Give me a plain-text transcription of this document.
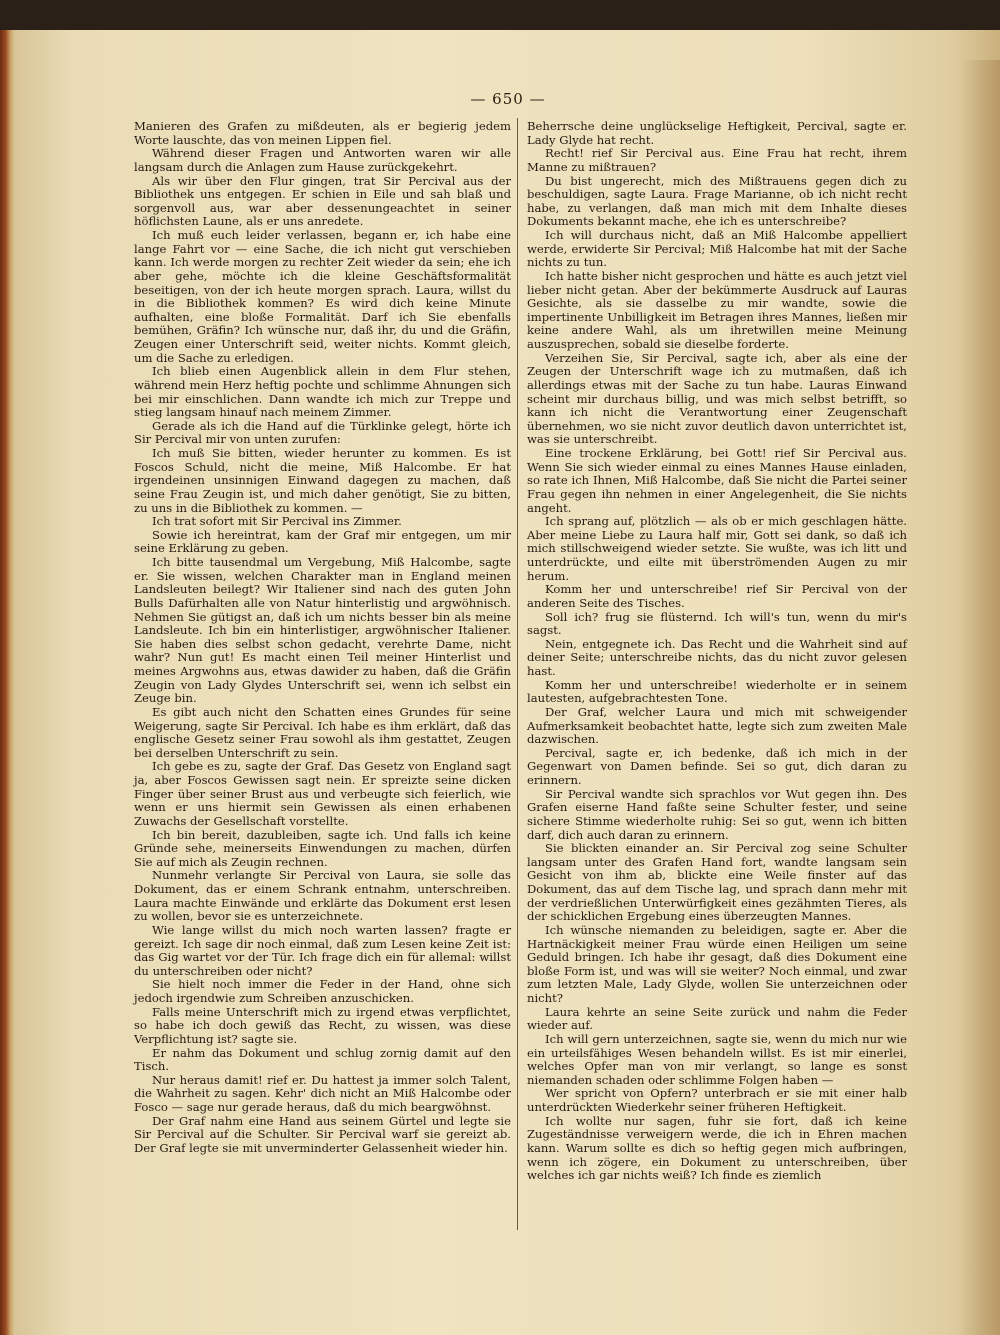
— 650 —

Manieren des Grafen zu mißdeuten, als er begierig jedem Worte lauschte, das von meinen Lippen fiel.

Während dieser Fragen und Antworten waren wir alle langsam durch die Anlagen zum Hause zurückgekehrt.

Als wir über den Flur gingen, trat Sir Percival aus der Bibliothek uns entgegen. Er schien in Eile und sah blaß und sorgenvoll aus, war aber dessenungeachtet in seiner höflichsten Laune, als er uns anredete.

Ich muß euch leider verlassen, begann er, ich habe eine lange Fahrt vor — eine Sache, die ich nicht gut verschieben kann. Ich werde morgen zu rechter Zeit wieder da sein; ehe ich aber gehe, möchte ich die kleine Geschäftsformalität beseitigen, von der ich heute morgen sprach. Laura, willst du in die Bibliothek kommen? Es wird dich keine Minute aufhalten, eine bloße Formalität. Darf ich Sie ebenfalls bemühen, Gräfin? Ich wünsche nur, daß ihr, du und die Gräfin, Zeugen einer Unterschrift seid, weiter nichts. Kommt gleich, um die Sache zu erledigen.

Ich blieb einen Augenblick allein in dem Flur stehen, während mein Herz heftig pochte und schlimme Ahnungen sich bei mir einschlichen. Dann wandte ich mich zur Treppe und stieg langsam hinauf nach meinem Zimmer.

Gerade als ich die Hand auf die Türklinke gelegt, hörte ich Sir Percival mir von unten zurufen:

Ich muß Sie bitten, wieder herunter zu kommen. Es ist Foscos Schuld, nicht die meine, Miß Halcombe. Er hat irgendeinen unsinnigen Einwand dagegen zu machen, daß seine Frau Zeugin ist, und mich daher genötigt, Sie zu bitten, zu uns in die Bibliothek zu kommen. —

Ich trat sofort mit Sir Percival ins Zimmer.

Sowie ich hereintrat, kam der Graf mir entgegen, um mir seine Erklärung zu geben.

Ich bitte tausendmal um Vergebung, Miß Halcombe, sagte er. Sie wissen, welchen Charakter man in England meinen Landsleuten beilegt? Wir Italiener sind nach des guten John Bulls Dafürhalten alle von Natur hinterlistig und argwöhnisch. Nehmen Sie gütigst an, daß ich um nichts besser bin als meine Landsleute. Ich bin ein hinterlistiger, argwöhnischer Italiener. Sie haben dies selbst schon gedacht, verehrte Dame, nicht wahr? Nun gut! Es macht einen Teil meiner Hinterlist und meines Argwohns aus, etwas dawider zu haben, daß die Gräfin Zeugin von Lady Glydes Unterschrift sei, wenn ich selbst ein Zeuge bin.

Es gibt auch nicht den Schatten eines Grundes für seine Weigerung, sagte Sir Percival. Ich habe es ihm erklärt, daß das englische Gesetz seiner Frau sowohl als ihm gestattet, Zeugen bei derselben Unterschrift zu sein.

Ich gebe es zu, sagte der Graf. Das Gesetz von England sagt ja, aber Foscos Gewissen sagt nein. Er spreizte seine dicken Finger über seiner Brust aus und verbeugte sich feierlich, wie wenn er uns hiermit sein Gewissen als einen erhabenen Zuwachs der Gesellschaft vorstellte.

Ich bin bereit, dazubleiben, sagte ich. Und falls ich keine Gründe sehe, meinerseits Einwendungen zu machen, dürfen Sie auf mich als Zeugin rechnen.

Nunmehr verlangte Sir Percival von Laura, sie solle das Dokument, das er einem Schrank entnahm, unterschreiben. Laura machte Einwände und erklärte das Dokument erst lesen zu wollen, bevor sie es unterzeichnete.

Wie lange willst du mich noch warten lassen? fragte er gereizt. Ich sage dir noch einmal, daß zum Lesen keine Zeit ist: das Gig wartet vor der Tür. Ich frage dich ein für allemal: willst du unterschreiben oder nicht?

Sie hielt noch immer die Feder in der Hand, ohne sich jedoch irgendwie zum Schreiben anzuschicken.

Falls meine Unterschrift mich zu irgend etwas verpflichtet, so habe ich doch gewiß das Recht, zu wissen, was diese Verpflichtung ist? sagte sie.

Er nahm das Dokument und schlug zornig damit auf den Tisch.

Nur heraus damit! rief er. Du hattest ja immer solch Talent, die Wahrheit zu sagen. Kehr' dich nicht an Miß Halcombe oder Fosco — sage nur gerade heraus, daß du mich beargwöhnst.

Der Graf nahm eine Hand aus seinem Gürtel und legte sie Sir Percival auf die Schulter. Sir Percival warf sie gereizt ab. Der Graf legte sie mit unverminderter Gelassenheit wieder hin.

Beherrsche deine unglückselige Heftigkeit, Percival, sagte er. Lady Glyde hat recht.

Recht! rief Sir Percival aus. Eine Frau hat recht, ihrem Manne zu mißtrauen?

Du bist ungerecht, mich des Mißtrauens gegen dich zu beschuldigen, sagte Laura. Frage Marianne, ob ich nicht recht habe, zu verlangen, daß man mich mit dem Inhalte dieses Dokuments bekannt mache, ehe ich es unterschreibe?

Ich will durchaus nicht, daß an Miß Halcombe appelliert werde, erwiderte Sir Percival; Miß Halcombe hat mit der Sache nichts zu tun.

Ich hatte bisher nicht gesprochen und hätte es auch jetzt viel lieber nicht getan. Aber der bekümmerte Ausdruck auf Lauras Gesichte, als sie dasselbe zu mir wandte, sowie die impertinente Unbilligkeit im Betragen ihres Mannes, ließen mir keine andere Wahl, als um ihretwillen meine Meinung auszusprechen, sobald sie dieselbe forderte.

Verzeihen Sie, Sir Percival, sagte ich, aber als eine der Zeugen der Unterschrift wage ich zu mutmaßen, daß ich allerdings etwas mit der Sache zu tun habe. Lauras Einwand scheint mir durchaus billig, und was mich selbst betrifft, so kann ich nicht die Verantwortung einer Zeugenschaft übernehmen, wo sie nicht zuvor deutlich davon unterrichtet ist, was sie unterschreibt.

Eine trockene Erklärung, bei Gott! rief Sir Percival aus. Wenn Sie sich wieder einmal zu eines Mannes Hause einladen, so rate ich Ihnen, Miß Halcombe, daß Sie nicht die Partei seiner Frau gegen ihn nehmen in einer Angelegenheit, die Sie nichts angeht.

Ich sprang auf, plötzlich — als ob er mich geschlagen hätte. Aber meine Liebe zu Laura half mir, Gott sei dank, so daß ich mich stillschweigend wieder setzte. Sie wußte, was ich litt und unterdrückte, und eilte mit überströmenden Augen zu mir herum.

Komm her und unterschreibe! rief Sir Percival von der anderen Seite des Tisches.

Soll ich? frug sie flüsternd. Ich will's tun, wenn du mir's sagst.

Nein, entgegnete ich. Das Recht und die Wahrheit sind auf deiner Seite; unterschreibe nichts, das du nicht zuvor gelesen hast.

Komm her und unterschreibe! wiederholte er in seinem lautesten, aufgebrachtesten Tone.

Der Graf, welcher Laura und mich mit schweigender Aufmerksamkeit beobachtet hatte, legte sich zum zweiten Male dazwischen.

Percival, sagte er, ich bedenke, daß ich mich in der Gegenwart von Damen befinde. Sei so gut, dich daran zu erinnern.

Sir Percival wandte sich sprachlos vor Wut gegen ihn. Des Grafen eiserne Hand faßte seine Schulter fester, und seine sichere Stimme wiederholte ruhig: Sei so gut, wenn ich bitten darf, dich auch daran zu erinnern.

Sie blickten einander an. Sir Percival zog seine Schulter langsam unter des Grafen Hand fort, wandte langsam sein Gesicht von ihm ab, blickte eine Weile finster auf das Dokument, das auf dem Tische lag, und sprach dann mehr mit der verdrießlichen Unterwürfigkeit eines gezähmten Tieres, als der schicklichen Ergebung eines überzeugten Mannes.

Ich wünsche niemanden zu beleidigen, sagte er. Aber die Hartnäckigkeit meiner Frau würde einen Heiligen um seine Geduld bringen. Ich habe ihr gesagt, daß dies Dokument eine bloße Form ist, und was will sie weiter? Noch einmal, und zwar zum letzten Male, Lady Glyde, wollen Sie unterzeichnen oder nicht?

Laura kehrte an seine Seite zurück und nahm die Feder wieder auf.

Ich will gern unterzeichnen, sagte sie, wenn du mich nur wie ein urteilsfähiges Wesen behandeln willst. Es ist mir einerlei, welches Opfer man von mir verlangt, so lange es sonst niemanden schaden oder schlimme Folgen haben —

Wer spricht von Opfern? unterbrach er sie mit einer halb unterdrückten Wiederkehr seiner früheren Heftigkeit.

Ich wollte nur sagen, fuhr sie fort, daß ich keine Zugeständnisse verweigern werde, die ich in Ehren machen kann. Warum sollte es dich so heftig gegen mich aufbringen, wenn ich zögere, ein Dokument zu unterschreiben, über welches ich gar nichts weiß? Ich finde es ziemlich
